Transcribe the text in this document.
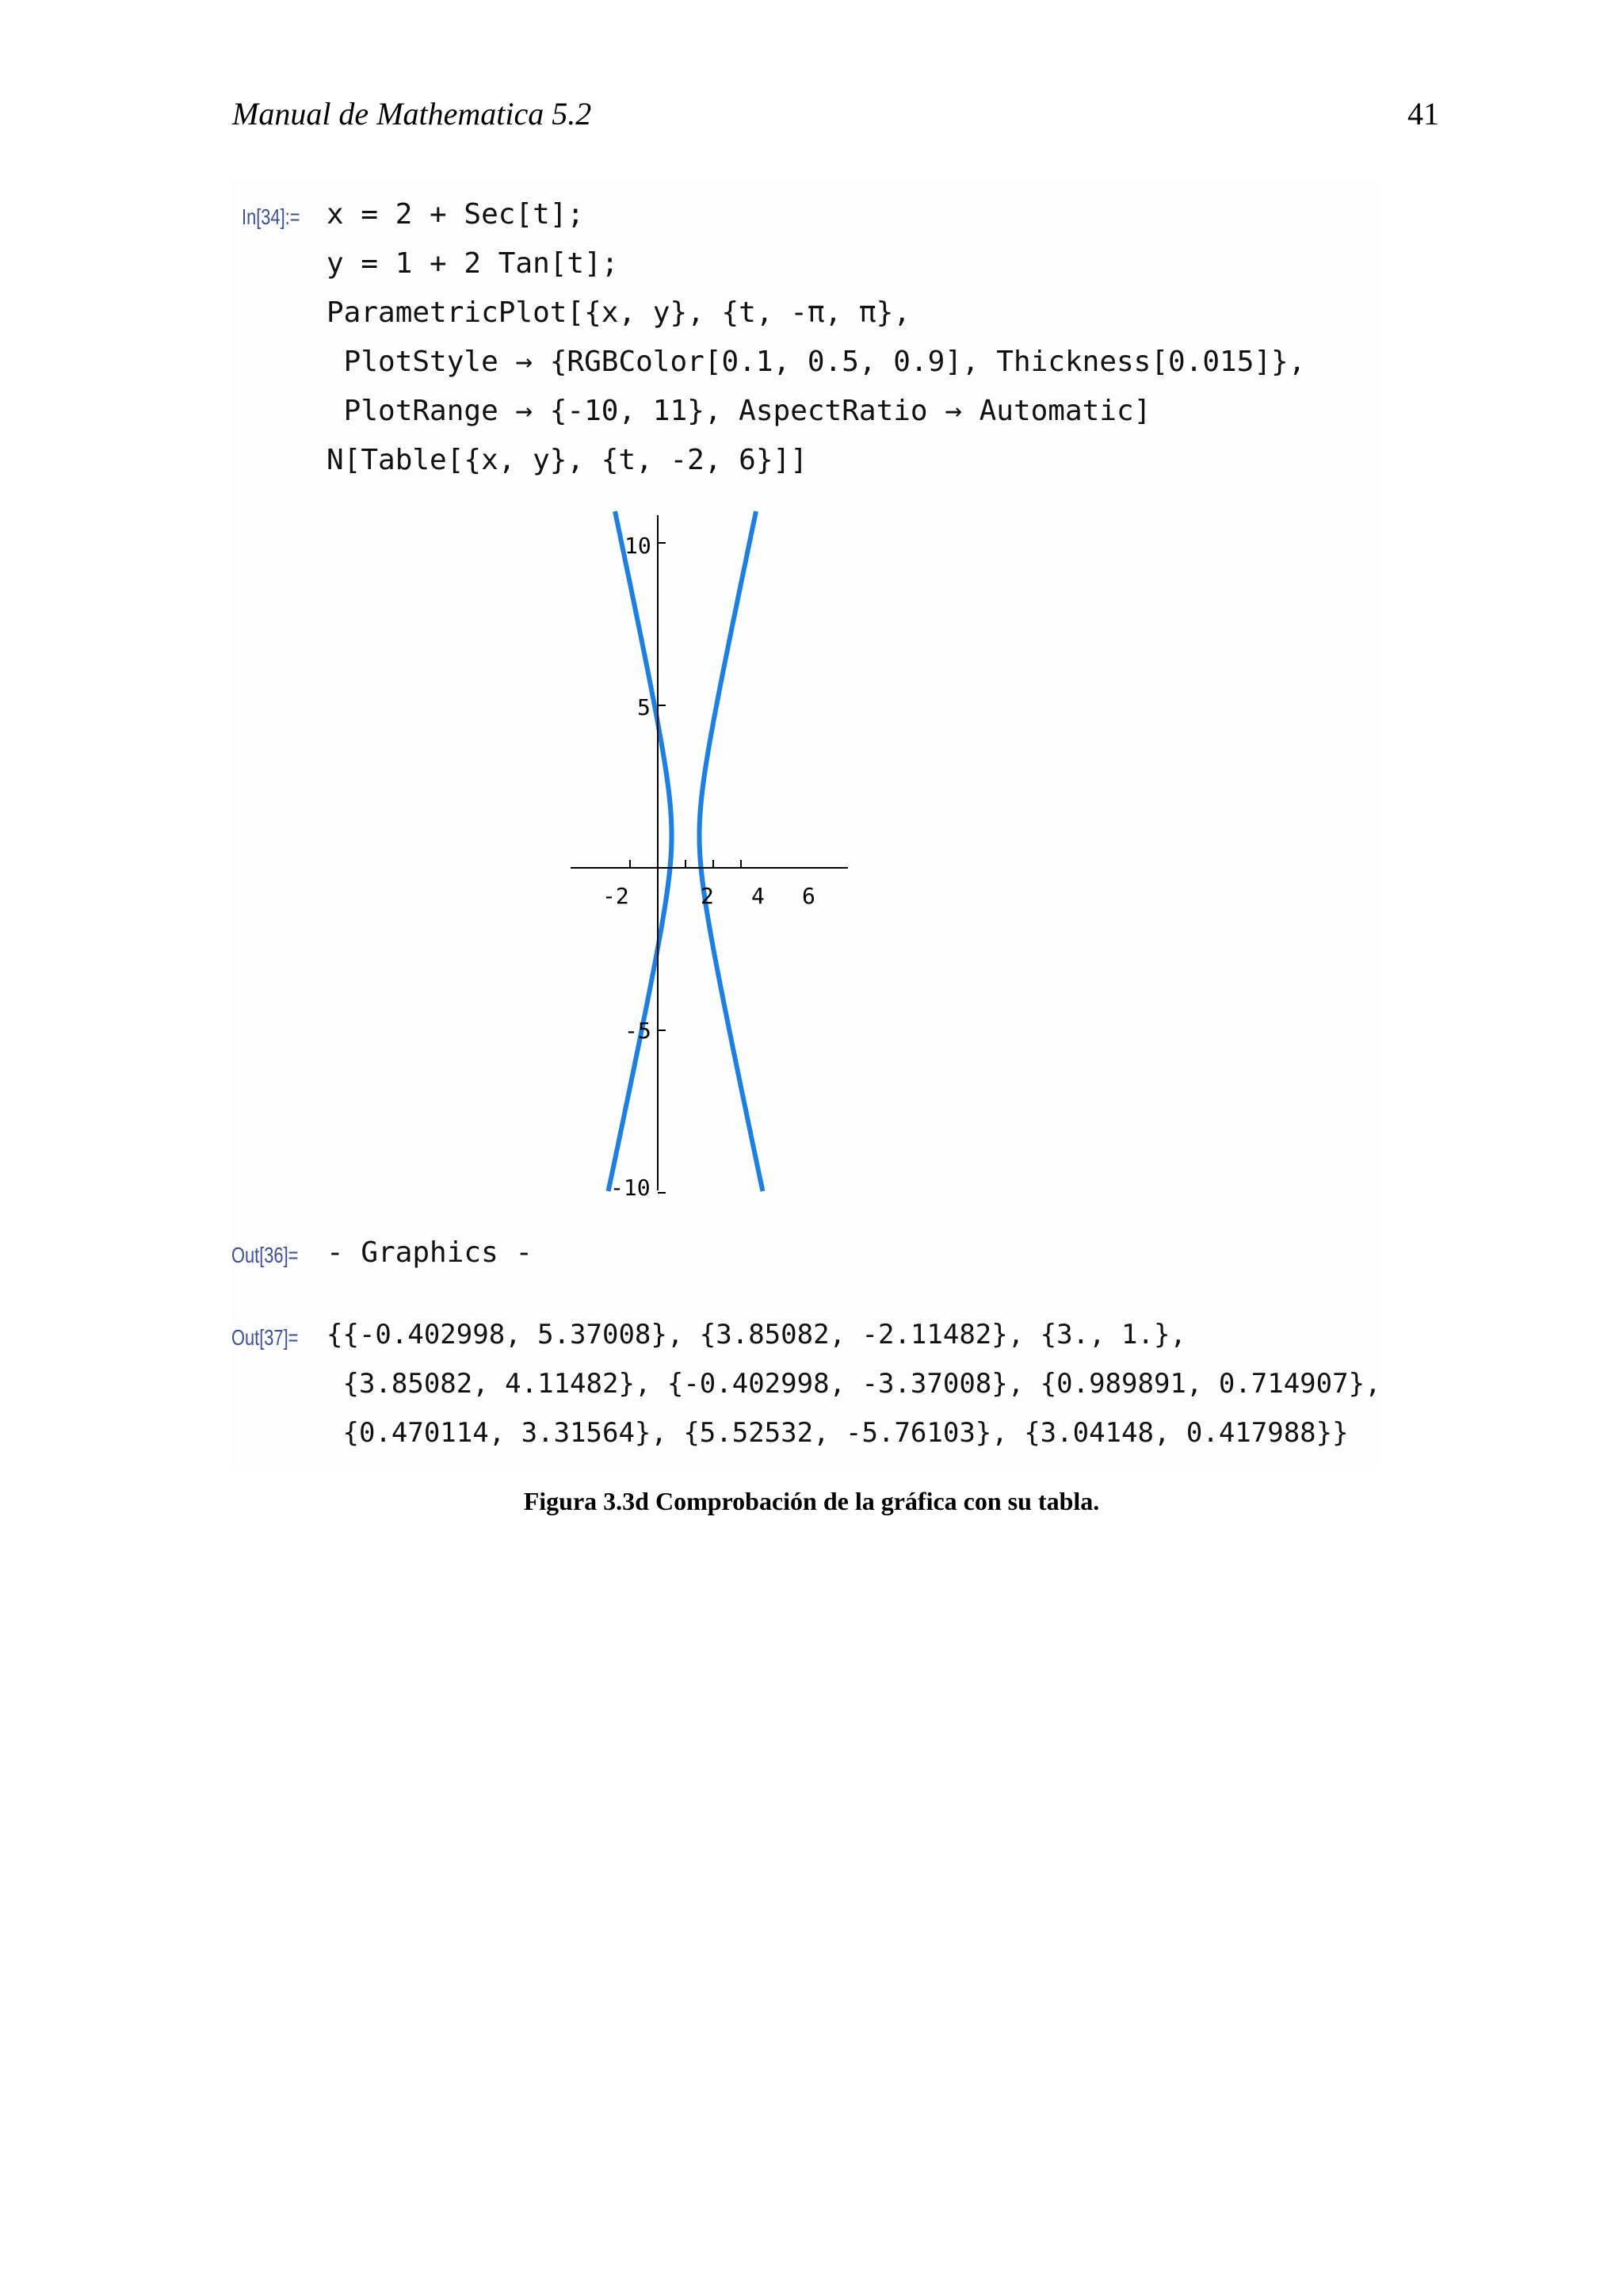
Manual de Mathematica 5.2	41
In[34]:= x = 2 + Sec[t];
y = 1 + 2 Tan[t];
ParametricPlot[{x, y}, {t, -π, π},
PlotStyle → {RGBColor[0.1, 0.5, 0.9], Thickness[0.015]},
PlotRange → {-10, 11}, AspectRatio → Automatic]
N[Table[{x, y}, {t, -2, 6}]]
-2	2 4 6
10
5
-5
-10
Out[36]= - Graphics -
Out[37]= {{-0.402998, 5.37008}, {3.85082, -2.11482}, {3., 1.},
{3.85082, 4.11482}, {-0.402998, -3.37008}, {0.989891, 0.714907},
{0.470114, 3.31564}, {5.52532, -5.76103}, {3.04148, 0.417988}}
Figura 3.3d Comprobación de la gráfica con su tabla.
